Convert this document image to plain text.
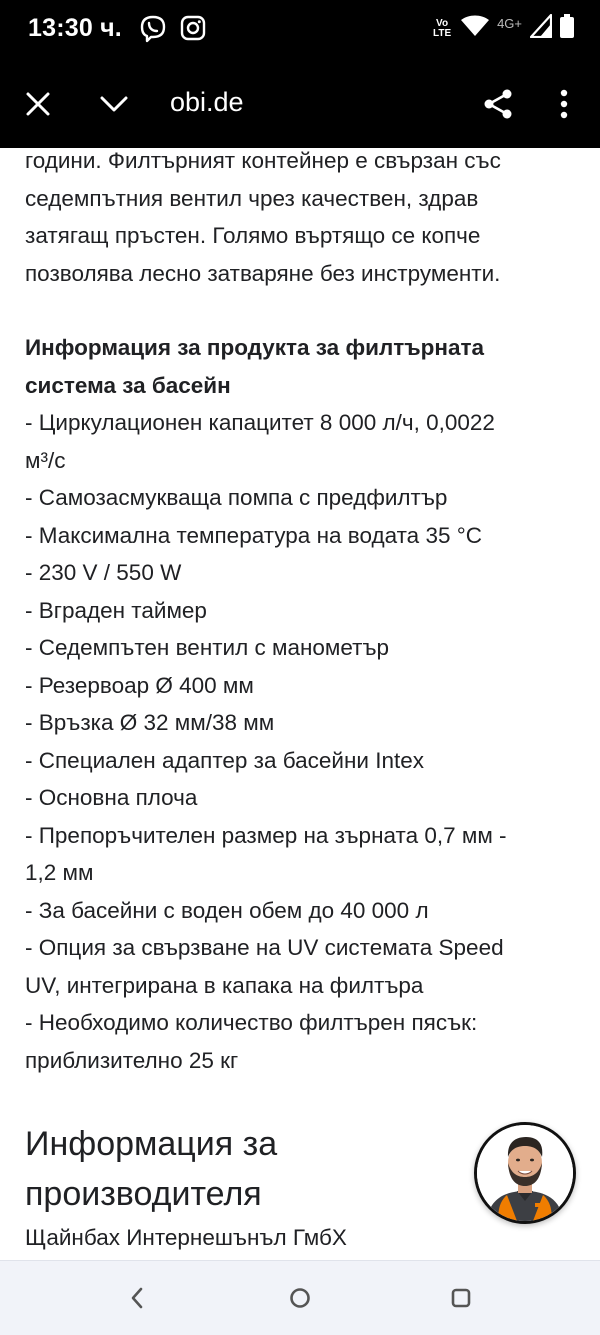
13:30 ч.	Vo
LTE
4G+
obi.de

години. Филтърният контейнер е свързан със

седемпътния вентил чрез качествен, здрав

затягащ пръстен. Голямо въртящо се копче

позволява лесно затваряне без инструменти.

Информация за продукта за филтърната

система за басейн

- Циркулационен капацитет 8 000 л/ч, 0,0022
м³/с
- Самозасмукваща помпа с предфилтър
- Максимална температура на водата 35 °C
- 230 V / 550 W
- Вграден таймер
- Седемпътен вентил с манометър
- Резервоар Ø 400 мм
- Връзка Ø 32 мм/38 мм
- Специален адаптер за басейни Intex
- Основна плоча
- Препоръчителен размер на зърната 0,7 мм -
1,2 мм
- За басейни с воден обем до 40 000 л
- Опция за свързване на UV системата Speed
UV, интегрирана в капака на филтъра
- Необходимо количество филтърен пясък:
приблизително 25 кг
Информация за
производителя

Щайнбах Интернешънъл ГмбХ
